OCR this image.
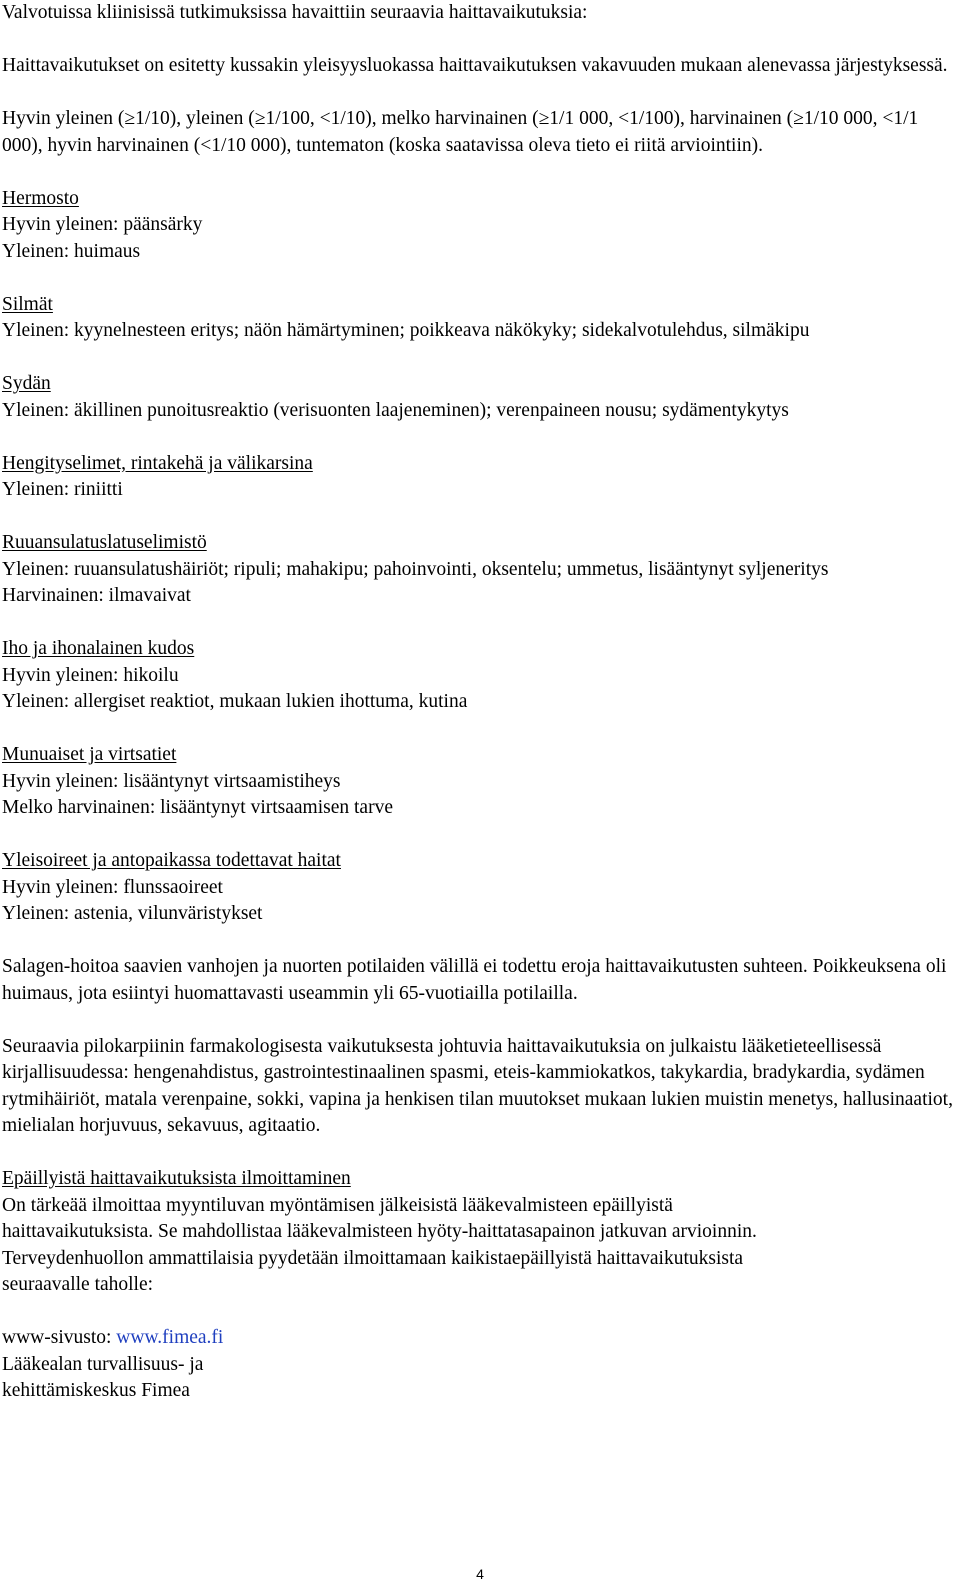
Valvotuissa kliinisissä tutkimuksissa havaittiin seuraavia haittavaikutuksia:

Haittavaikutukset on esitetty kussakin yleisyysluokassa haittavaikutuksen vakavuuden mukaan alenevassa järjestyksessä.

Hyvin yleinen (≥1/10), yleinen (≥1/100, <1/10), melko harvinainen (≥1/1 000, <1/100), harvinainen (≥1/10 000, <1/1 000), hyvin harvinainen (<1/10 000), tuntematon (koska saatavissa oleva tieto ei riitä arviointiin).

Hermosto

Hyvin yleinen: päänsärky

Yleinen: huimaus

Silmät

Yleinen: kyynelnesteen eritys; näön hämärtyminen; poikkeava näkökyky; sidekalvotulehdus, silmäkipu

Sydän

Yleinen: äkillinen punoitusreaktio (verisuonten laajeneminen); verenpaineen nousu; sydämentykytys

Hengityselimet, rintakehä ja välikarsina

Yleinen: riniitti

Ruuansulatuslatuselimistö

Yleinen: ruuansulatushäiriöt; ripuli; mahakipu; pahoinvointi, oksentelu; ummetus, lisääntynyt syljeneritys

Harvinainen: ilmavaivat

Iho ja ihonalainen kudos

Hyvin yleinen: hikoilu

Yleinen: allergiset reaktiot, mukaan lukien ihottuma, kutina

Munuaiset ja virtsatiet

Hyvin yleinen: lisääntynyt virtsaamistiheys

Melko harvinainen: lisääntynyt virtsaamisen tarve

Yleisoireet ja antopaikassa todettavat haitat

Hyvin yleinen: flunssaoireet

Yleinen: astenia, vilunväristykset

Salagen-hoitoa saavien vanhojen ja nuorten potilaiden välillä ei todettu eroja haittavaikutusten suhteen. Poikkeuksena oli huimaus, jota esiintyi huomattavasti useammin yli 65-vuotiailla potilailla.

Seuraavia pilokarpiinin farmakologisesta vaikutuksesta johtuvia haittavaikutuksia on julkaistu lääketieteellisessä kirjallisuudessa: hengenahdistus, gastrointestinaalinen spasmi, eteis-kammiokatkos, takykardia, bradykardia, sydämen rytmihäiriöt, matala verenpaine, sokki, vapina ja henkisen tilan muutokset mukaan lukien muistin menetys, hallusinaatiot, mielialan horjuvuus, sekavuus, agitaatio.

Epäillyistä haittavaikutuksista ilmoittaminen

On tärkeää ilmoittaa myyntiluvan myöntämisen jälkeisistä lääkevalmisteen epäillyistä

haittavaikutuksista. Se mahdollistaa lääkevalmisteen hyöty-haittatasapainon jatkuvan arvioinnin.

Terveydenhuollon ammattilaisia pyydetään ilmoittamaan kaikistaepäillyistä haittavaikutuksista

seuraavalle taholle:

www-sivusto: www.fimea.fi

Lääkealan turvallisuus- ja

kehittämiskeskus Fimea

4
